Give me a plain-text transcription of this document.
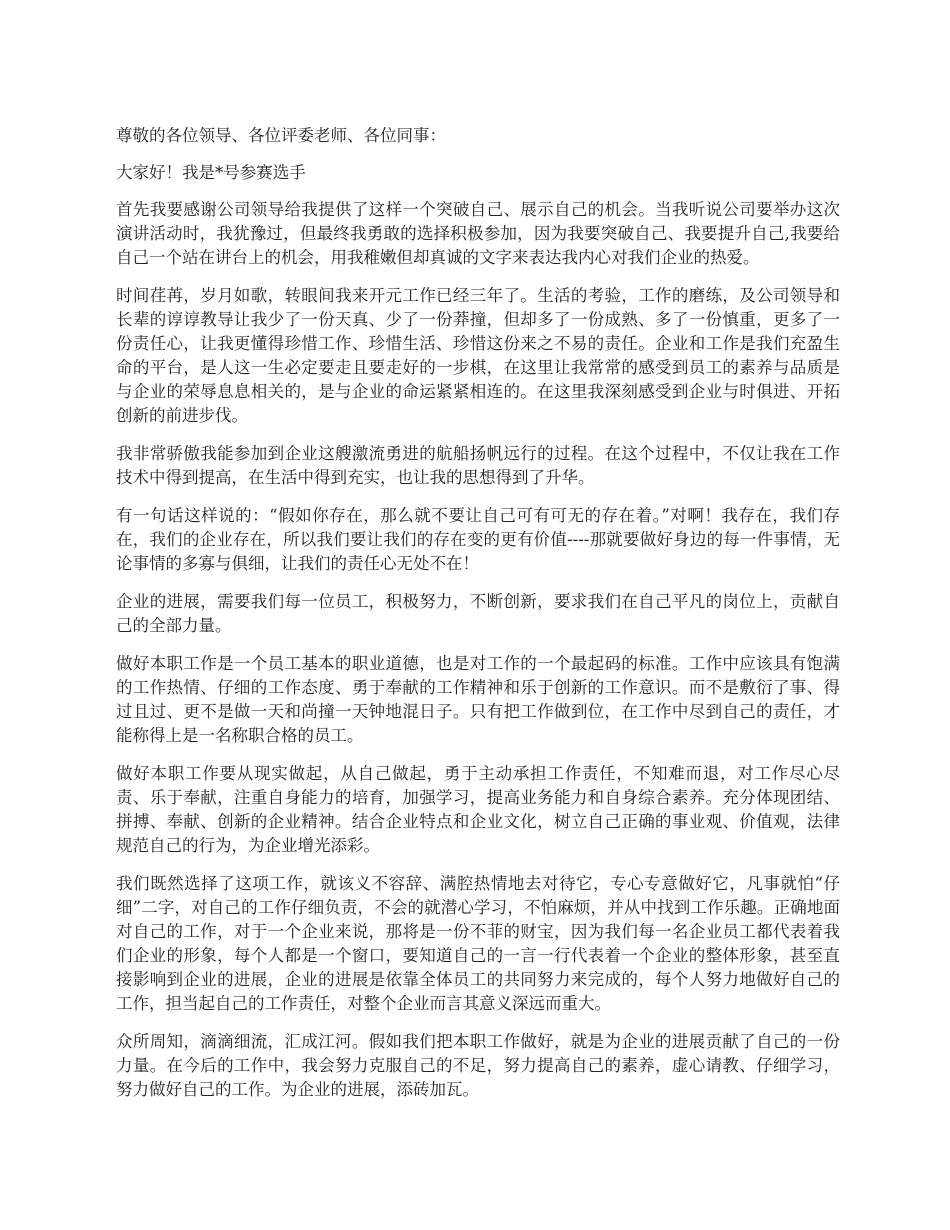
尊敬的各位领导、各位评委老师、各位同事：

大家好！我是*号参赛选手

首先我要感谢公司领导给我提供了这样一个突破自己、展示自己的机会。当我听说公司要举办这次演讲活动时，我犹豫过，但最终我勇敢的选择积极参加，因为我要突破自己、我要提升自己,我要给自己一个站在讲台上的机会，用我稚嫩但却真诚的文字来表达我内心对我们企业的热爱。

时间荏苒，岁月如歌，转眼间我来开元工作已经三年了。生活的考验，工作的磨练，及公司领导和长辈的谆谆教导让我少了一份天真、少了一份莽撞，但却多了一份成熟、多了一份慎重，更多了一份责任心，让我更懂得珍惜工作、珍惜生活、珍惜这份来之不易的责任。企业和工作是我们充盈生命的平台，是人这一生必定要走且要走好的一步棋，在这里让我常常的感受到员工的素养与品质是与企业的荣辱息息相关的，是与企业的命运紧紧相连的。在这里我深刻感受到企业与时俱进、开拓创新的前进步伐。

我非常骄傲我能参加到企业这艘激流勇进的航船扬帆远行的过程。在这个过程中，不仅让我在工作技术中得到提高，在生活中得到充实，也让我的思想得到了升华。

有一句话这样说的：“假如你存在，那么就不要让自己可有可无的存在着。”对啊！我存在，我们存在，我们的企业存在，所以我们要让我们的存在变的更有价值----那就要做好身边的每一件事情，无论事情的多寡与俱细，让我们的责任心无处不在！

企业的进展，需要我们每一位员工，积极努力，不断创新，要求我们在自己平凡的岗位上，贡献自己的全部力量。

做好本职工作是一个员工基本的职业道德，也是对工作的一个最起码的标准。工作中应该具有饱满的工作热情、仔细的工作态度、勇于奉献的工作精神和乐于创新的工作意识。而不是敷衍了事、得过且过、更不是做一天和尚撞一天钟地混日子。只有把工作做到位，在工作中尽到自己的责任，才能称得上是一名称职合格的员工。

做好本职工作要从现实做起，从自己做起，勇于主动承担工作责任，不知难而退，对工作尽心尽责、乐于奉献，注重自身能力的培育，加强学习，提高业务能力和自身综合素养。充分体现团结、拼搏、奉献、创新的企业精神。结合企业特点和企业文化，树立自己正确的事业观、价值观，法律规范自己的行为，为企业增光添彩。

我们既然选择了这项工作，就该义不容辞、满腔热情地去对待它，专心专意做好它，凡事就怕“仔细”二字，对自己的工作仔细负责，不会的就潜心学习，不怕麻烦，并从中找到工作乐趣。正确地面对自己的工作，对于一个企业来说，那将是一份不菲的财宝，因为我们每一名企业员工都代表着我们企业的形象，每个人都是一个窗口，要知道自己的一言一行代表着一个企业的整体形象，甚至直接影响到企业的进展，企业的进展是依靠全体员工的共同努力来完成的，每个人努力地做好自己的工作，担当起自己的工作责任，对整个企业而言其意义深远而重大。

众所周知，滴滴细流，汇成江河。假如我们把本职工作做好，就是为企业的进展贡献了自己的一份力量。在今后的工作中，我会努力克服自己的不足，努力提高自己的素养，虚心请教、仔细学习，努力做好自己的工作。为企业的进展，添砖加瓦。
